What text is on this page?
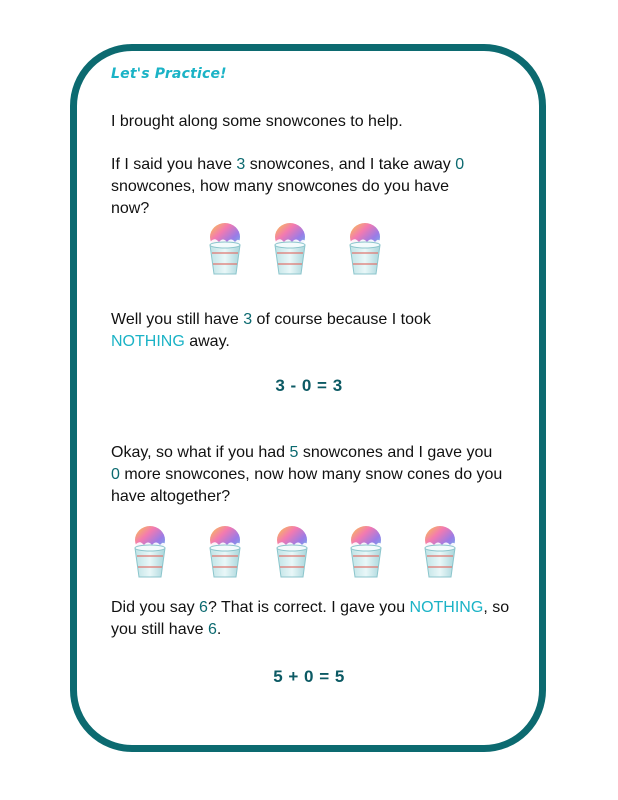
Let's Practice!

I brought along some snowcones to help.

If I said you have 3 snowcones, and I take away 0 snowcones, how many snowcones do you have now?

Well you still have 3 of course because I took NOTHING away.

3 - 0 = 3

Okay, so what if you had 5 snowcones and I gave you 0 more snowcones, now how many snow cones do you have altogether?

Did you say 6? That is correct. I gave you NOTHING, so you still have 6.

5 + 0 = 5
